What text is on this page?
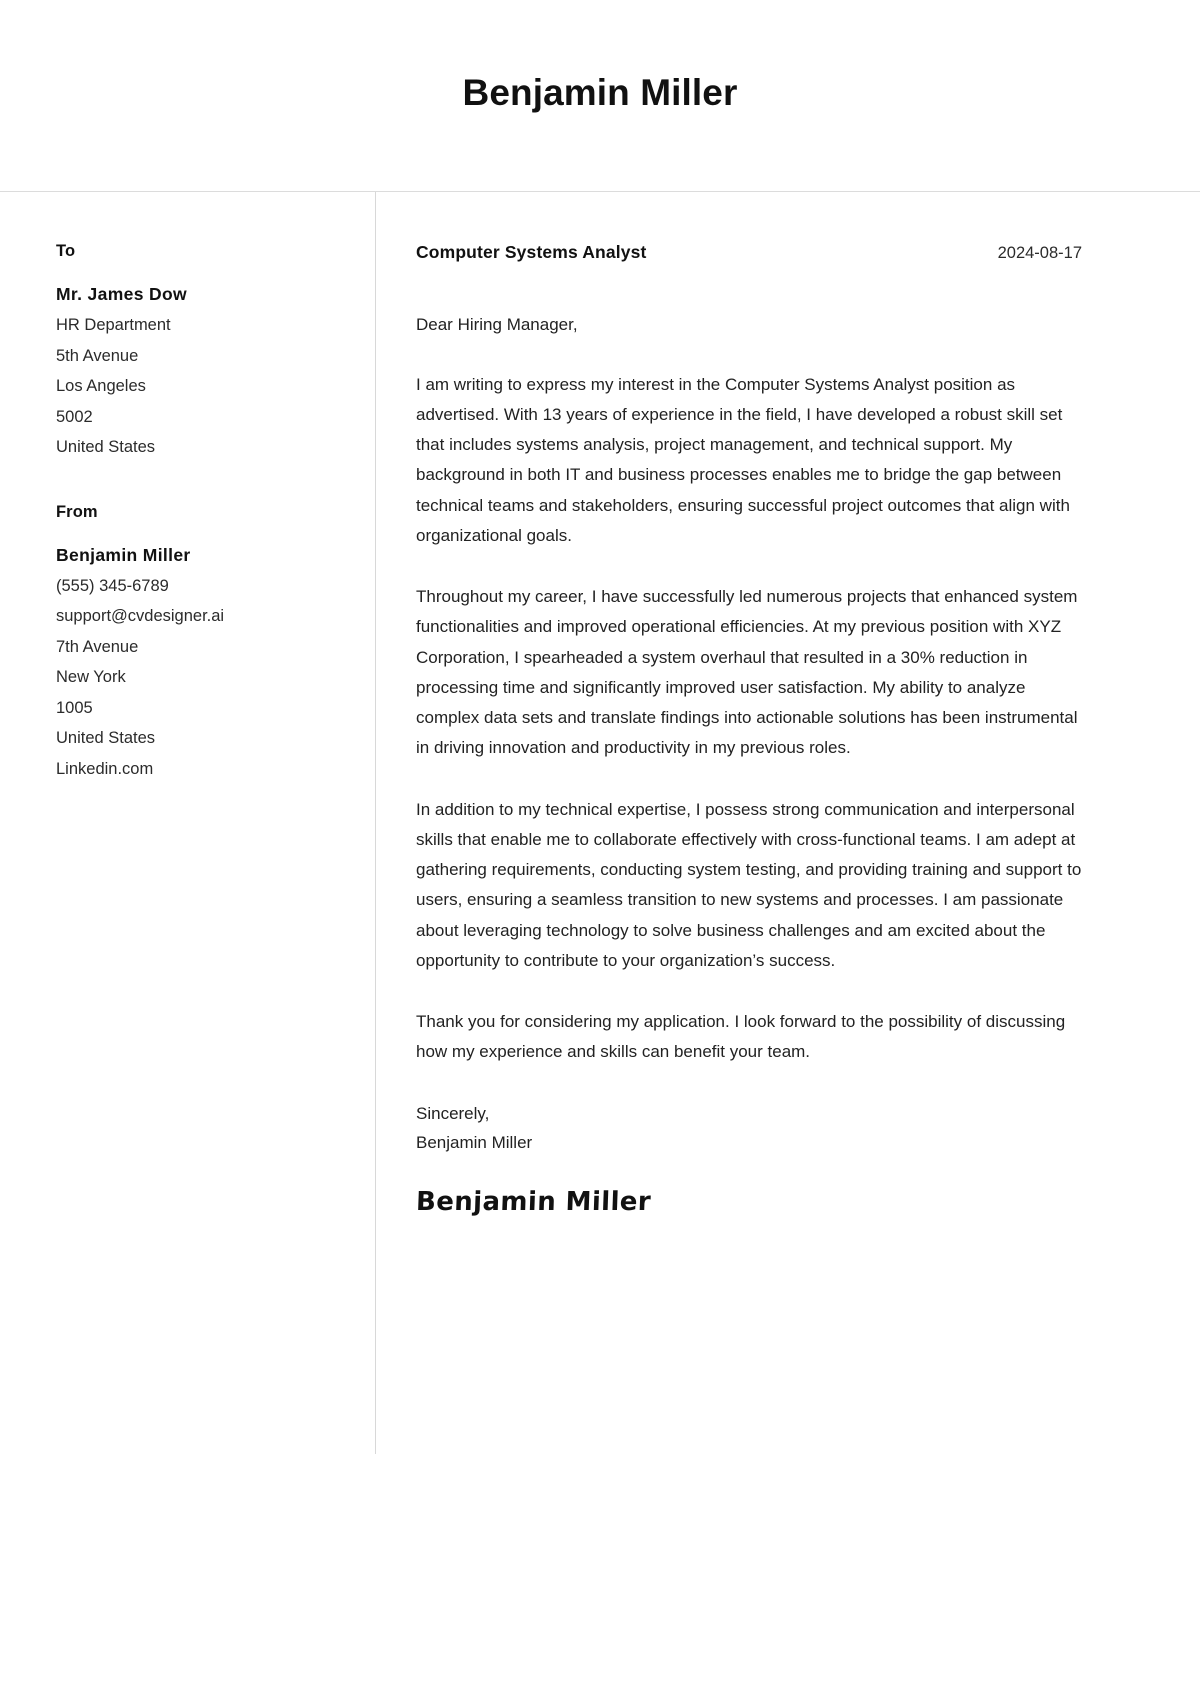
Benjamin Miller
To
Mr. James Dow
HR Department
5th Avenue
Los Angeles
5002
United States
From
Benjamin Miller
(555) 345-6789
support@cvdesigner.ai
7th Avenue
New York
1005
United States
Linkedin.com
Computer Systems Analyst	2024-08-17

Dear Hiring Manager,

I am writing to express my interest in the Computer Systems Analyst position as advertised. With 13 years of experience in the field, I have developed a robust skill set that includes systems analysis, project management, and technical support. My background in both IT and business processes enables me to bridge the gap between technical teams and stakeholders, ensuring successful project outcomes that align with organizational goals.

Throughout my career, I have successfully led numerous projects that enhanced system functionalities and improved operational efficiencies. At my previous position with XYZ Corporation, I spearheaded a system overhaul that resulted in a 30% reduction in processing time and significantly improved user satisfaction. My ability to analyze complex data sets and translate findings into actionable solutions has been instrumental in driving innovation and productivity in my previous roles.

In addition to my technical expertise, I possess strong communication and interpersonal skills that enable me to collaborate effectively with cross-functional teams. I am adept at gathering requirements, conducting system testing, and providing training and support to users, ensuring a seamless transition to new systems and processes. I am passionate about leveraging technology to solve business challenges and am excited about the opportunity to contribute to your organization’s success.

Thank you for considering my application. I look forward to the possibility of discussing how my experience and skills can benefit your team.

Sincerely,
Benjamin Miller
Benjamin Miller
